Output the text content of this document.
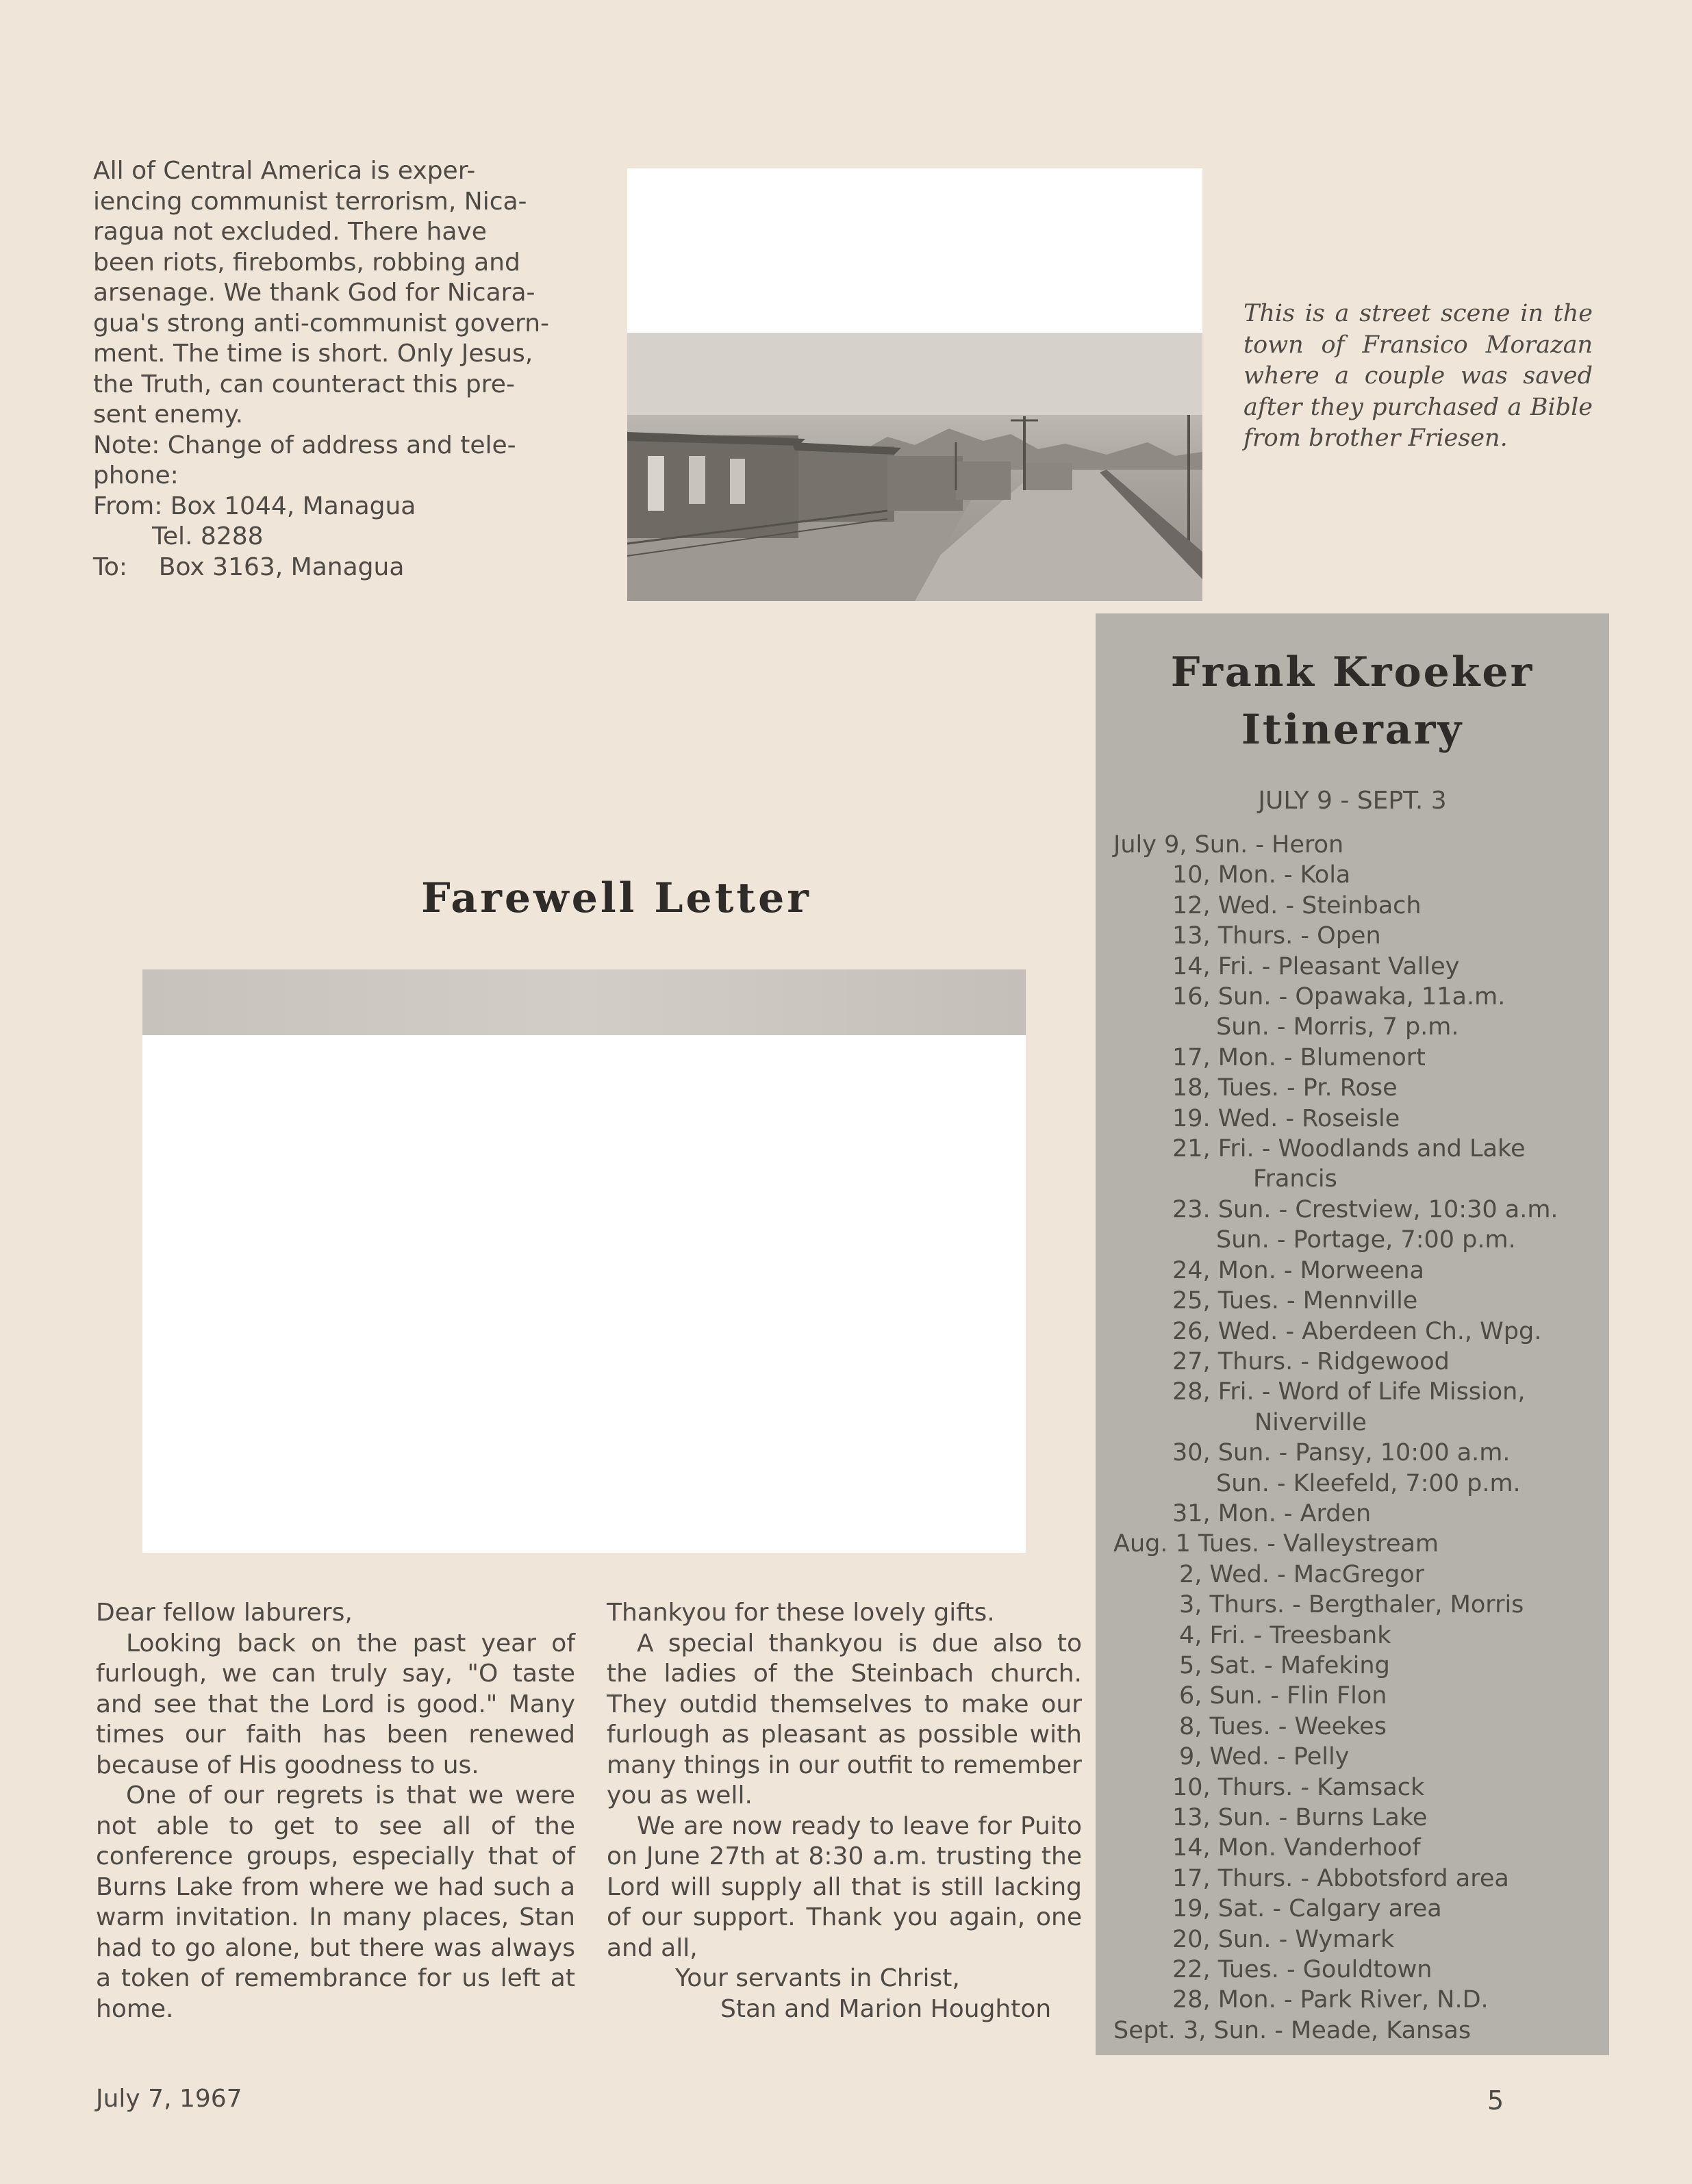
All of Central America is exper-
iencing communist terrorism, Nica-
ragua not excluded. There have
been riots, firebombs, robbing and
arsenage. We thank God for Nicara-
gua's strong anti-communist govern-
ment. The time is short. Only Jesus,
the Truth, can counteract this pre-
sent enemy.
Note: Change of address and tele-
phone:
From: Box 1044, Managua
Tel. 8288
To:    Box 3163, Managua
This is a street scene in the town of Fransico Morazan where a couple was saved after they purchased a Bible from brother Friesen.
Frank Kroeker
Itinerary
JULY 9 - SEPT. 3
July 9, Sun. - Heron
10, Mon. - Kola
12, Wed. - Steinbach
13, Thurs. - Open
14, Fri. - Pleasant Valley
16, Sun. - Opawaka, 11a.m.
Sun. - Morris, 7 p.m.
17, Mon. - Blumenort
18, Tues. - Pr. Rose
19. Wed. - Roseisle
21, Fri. - Woodlands and Lake
Francis
23. Sun. - Crestview, 10:30 a.m.
Sun. - Portage, 7:00 p.m.
24, Mon. - Morweena
25, Tues. - Mennville
26, Wed. - Aberdeen Ch., Wpg.
27, Thurs. - Ridgewood
28, Fri. - Word of Life Mission,
Niverville
30, Sun. - Pansy, 10:00 a.m.
Sun. - Kleefeld, 7:00 p.m.
31, Mon. - Arden
Aug. 1 Tues. - Valleystream
2, Wed. - MacGregor
3, Thurs. - Bergthaler, Morris
4, Fri. - Treesbank
5, Sat. - Mafeking
6, Sun. - Flin Flon
8, Tues. - Weekes
9, Wed. - Pelly
10, Thurs. - Kamsack
13, Sun. - Burns Lake
14, Mon. Vanderhoof
17, Thurs. - Abbotsford area
19, Sat. - Calgary area
20, Sun. - Wymark
22, Tues. - Gouldtown
28, Mon. - Park River, N.D.
Sept. 3, Sun. - Meade, Kansas
Farewell Letter

Dear fellow laburers,

Looking back on the past year of furlough, we can truly say, "O taste and see that the Lord is good." Many times our faith has been renewed because of His goodness to us.

One of our regrets is that we were not able to get to see all of the conference groups, especially that of Burns Lake from where we had such a warm invitation. In many places, Stan had to go alone, but there was always a token of remembrance for us left at home.

Thankyou for these lovely gifts.

A special thankyou is due also to the ladies of the Steinbach church. They outdid themselves to make our furlough as pleasant as possible with many things in our outfit to remember you as well.

We are now ready to leave for Puito on June 27th at 8:30 a.m. trusting the Lord will supply all that is still lacking of our support. Thank you again, one and all,

Your servants in Christ,

Stan and Marion Houghton

July 7, 1967	5
